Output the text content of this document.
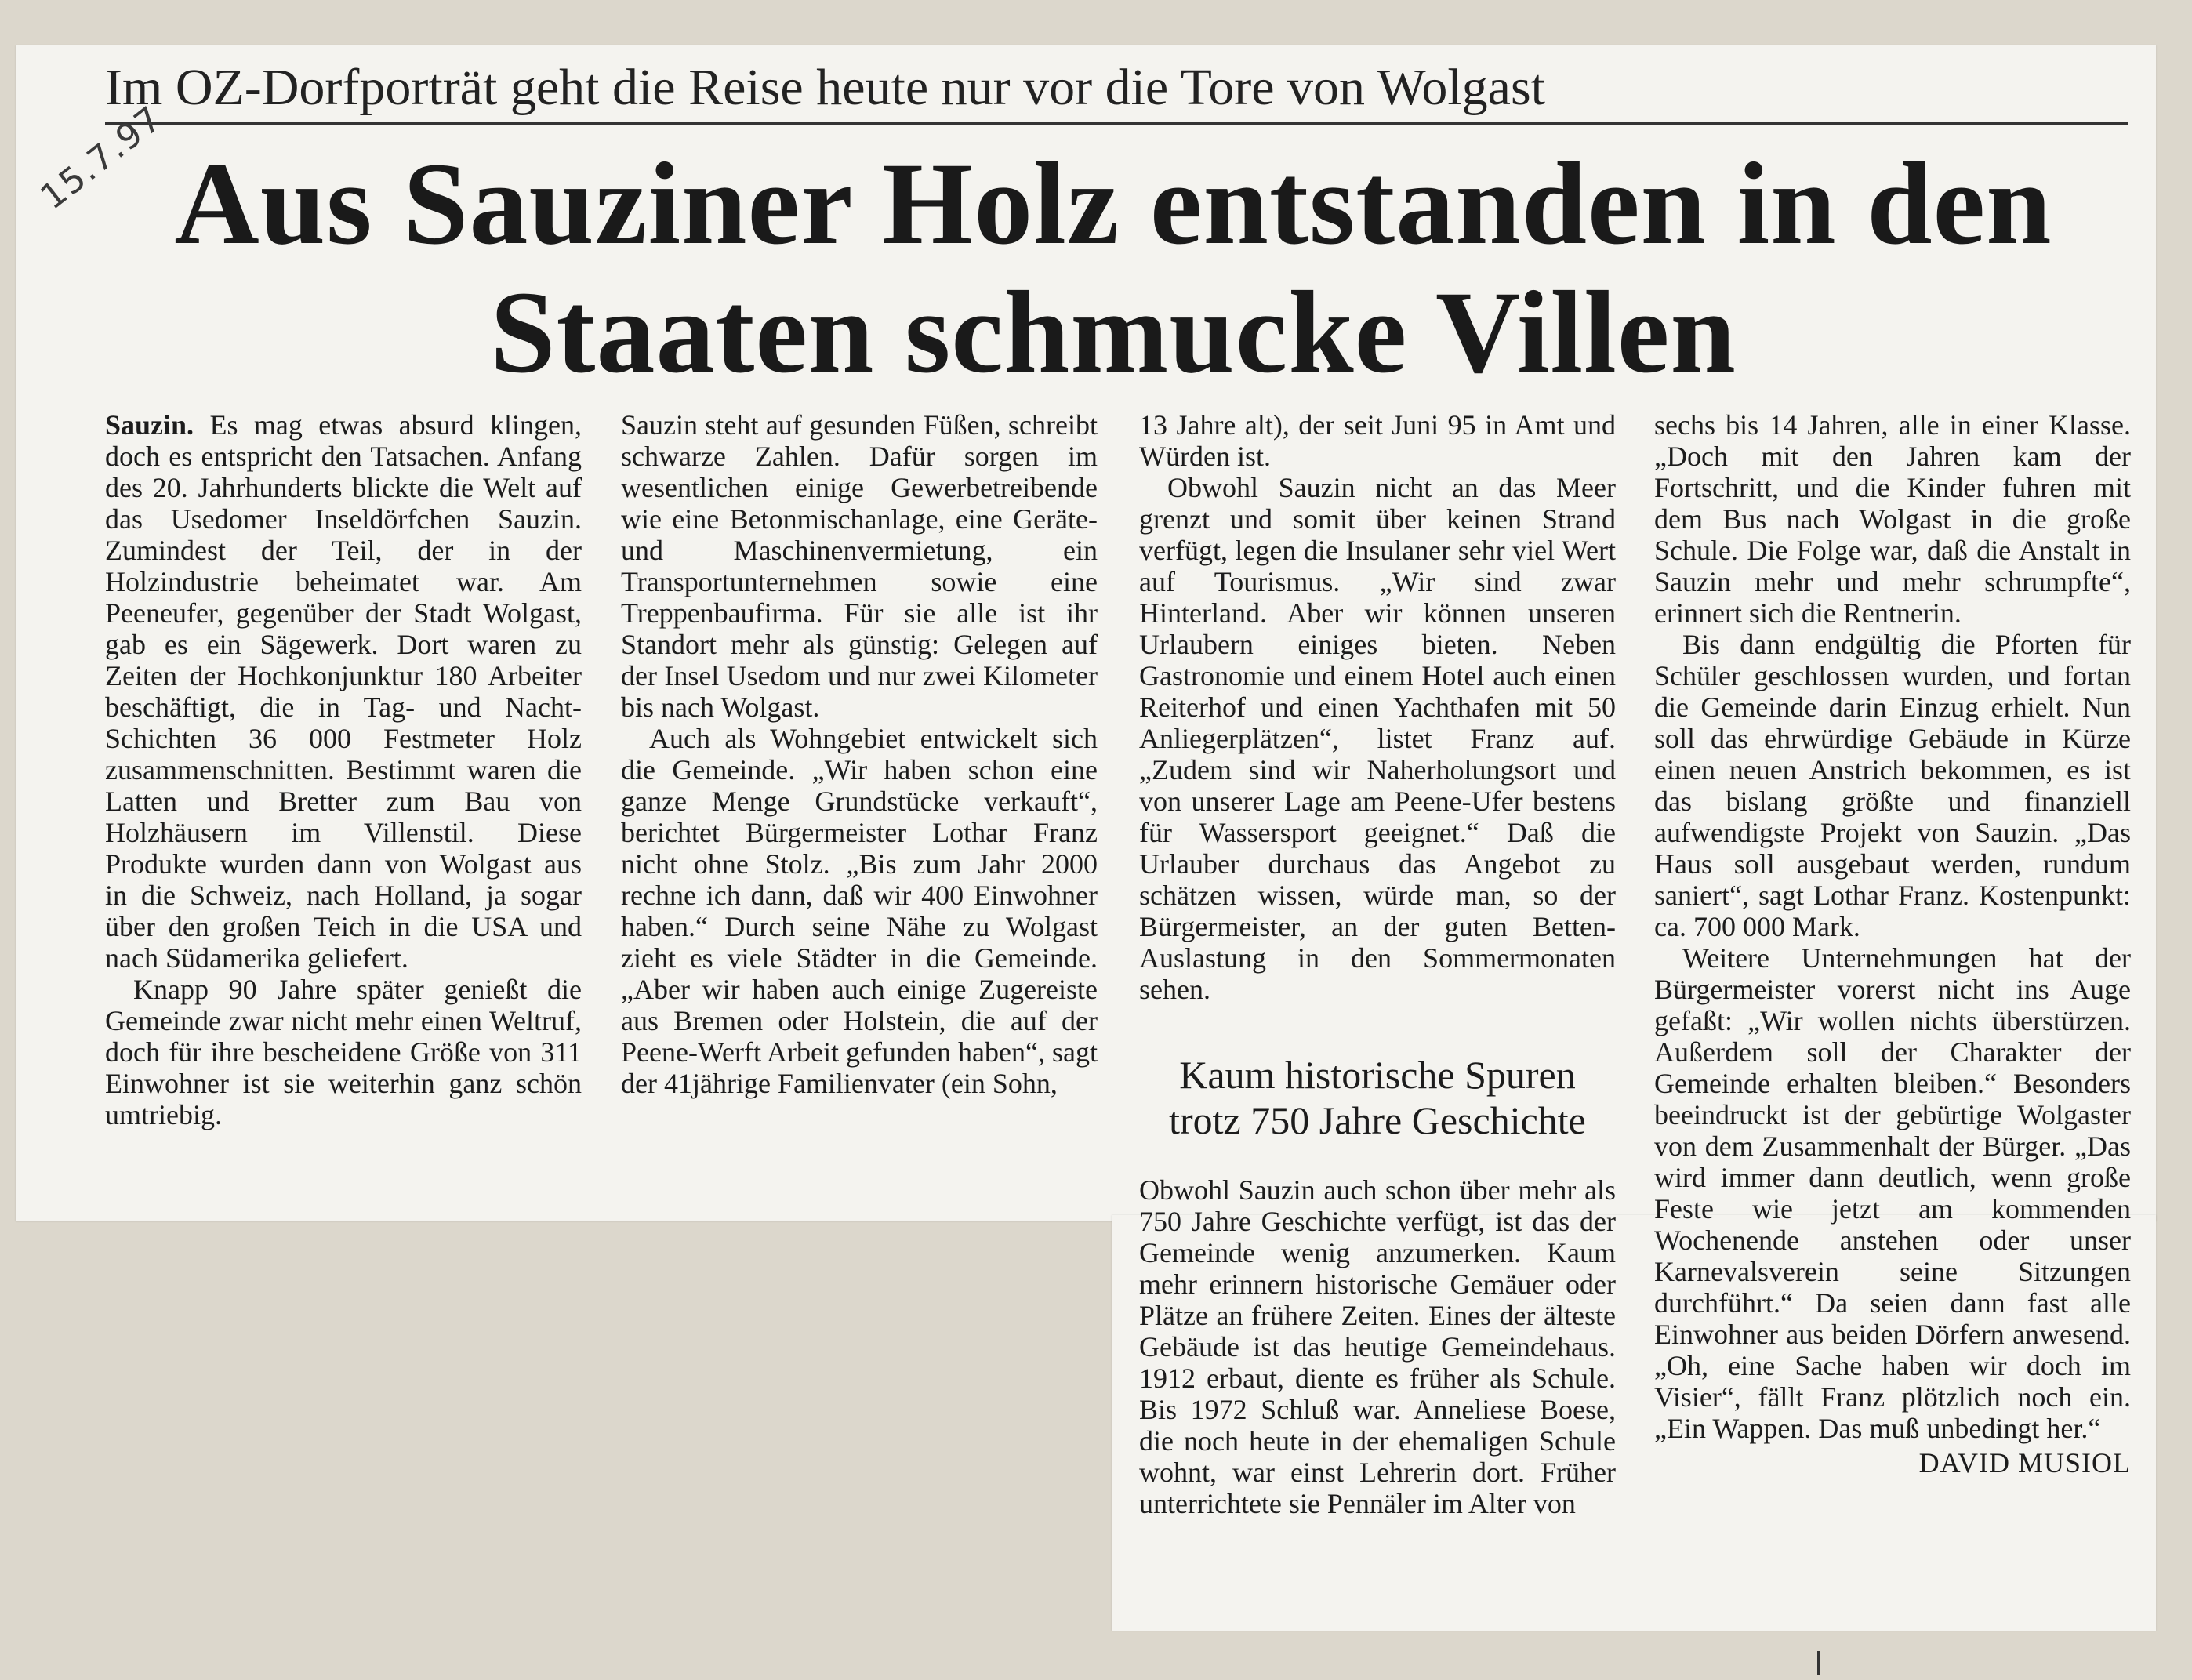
Im OZ-Dorfporträt geht die Reise heute nur vor die Tore von Wolgast
15.7.97 Aus Sauziner Holz entstanden in den Staaten schmucke Villen

Sauzin. Es mag etwas absurd klingen, doch es entspricht den Tatsachen. Anfang des 20. Jahrhunderts blickte die Welt auf das Usedomer Inseldörfchen Sauzin. Zumindest der Teil, der in der Holzindustrie beheimatet war. Am Peeneufer, gegenüber der Stadt Wolgast, gab es ein Sägewerk. Dort waren zu Zeiten der Hochkonjunktur 180 Arbeiter beschäftigt, die in Tag- und Nacht-Schichten 36 000 Festmeter Holz zusammenschnitten. Bestimmt waren die Latten und Bretter zum Bau von Holzhäusern im Villenstil. Diese Produkte wurden dann von Wolgast aus in die Schweiz, nach Holland, ja sogar über den großen Teich in die USA und nach Südamerika geliefert.

Knapp 90 Jahre später genießt die Gemeinde zwar nicht mehr einen Weltruf, doch für ihre bescheidene Größe von 311 Einwohner ist sie weiterhin ganz schön umtriebig.

Sauzin steht auf gesunden Füßen, schreibt schwarze Zahlen. Dafür sorgen im wesentlichen einige Gewerbetreibende wie eine Betonmischanlage, eine Geräte- und Maschinenvermietung, ein Transportunternehmen sowie eine Treppenbaufirma. Für sie alle ist ihr Standort mehr als günstig: Gelegen auf der Insel Usedom und nur zwei Kilometer bis nach Wolgast.

Auch als Wohngebiet entwickelt sich die Gemeinde. „Wir haben schon eine ganze Menge Grundstücke verkauft“, berichtet Bürgermeister Lothar Franz nicht ohne Stolz. „Bis zum Jahr 2000 rechne ich dann, daß wir 400 Einwohner haben.“ Durch seine Nähe zu Wolgast zieht es viele Städter in die Gemeinde. „Aber wir haben auch einige Zugereiste aus Bremen oder Holstein, die auf der Peene-Werft Arbeit gefunden haben“, sagt der 41jährige Familienvater (ein Sohn,

13 Jahre alt), der seit Juni 95 in Amt und Würden ist.

Obwohl Sauzin nicht an das Meer grenzt und somit über keinen Strand verfügt, legen die Insulaner sehr viel Wert auf Tourismus. „Wir sind zwar Hinterland. Aber wir können unseren Urlaubern einiges bieten. Neben Gastronomie und einem Hotel auch einen Reiterhof und einen Yachthafen mit 50 Anliegerplätzen“, listet Franz auf. „Zudem sind wir Naherholungsort und von unserer Lage am Peene-Ufer bestens für Wassersport geeignet.“ Daß die Urlauber durchaus das Angebot zu schätzen wissen, würde man, so der Bürgermeister, an der guten Betten-Auslastung in den Sommermonaten sehen.

Kaum historische Spuren trotz 750 Jahre Geschichte

Obwohl Sauzin auch schon über mehr als 750 Jahre Geschichte verfügt, ist das der Gemeinde wenig anzumerken. Kaum mehr erinnern historische Gemäuer oder Plätze an frühere Zeiten. Eines der älteste Gebäude ist das heutige Gemeindehaus. 1912 erbaut, diente es früher als Schule. Bis 1972 Schluß war. Anneliese Boese, die noch heute in der ehemaligen Schule wohnt, war einst Lehrerin dort. Früher unterrichtete sie Pennäler im Alter von

sechs bis 14 Jahren, alle in einer Klasse. „Doch mit den Jahren kam der Fortschritt, und die Kinder fuhren mit dem Bus nach Wolgast in die große Schule. Die Folge war, daß die Anstalt in Sauzin mehr und mehr schrumpfte“, erinnert sich die Rentnerin.

Bis dann endgültig die Pforten für Schüler geschlossen wurden, und fortan die Gemeinde darin Einzug erhielt. Nun soll das ehrwürdige Gebäude in Kürze einen neuen Anstrich bekommen, es ist das bislang größte und finanziell aufwendigste Projekt von Sauzin. „Das Haus soll ausgebaut werden, rundum saniert“, sagt Lothar Franz. Kostenpunkt: ca. 700 000 Mark.

Weitere Unternehmungen hat der Bürgermeister vorerst nicht ins Auge gefaßt: „Wir wollen nichts überstürzen. Außerdem soll der Charakter der Gemeinde erhalten bleiben.“ Besonders beeindruckt ist der gebürtige Wolgaster von dem Zusammenhalt der Bürger. „Das wird immer dann deutlich, wenn große Feste wie jetzt am kommenden Wochenende anstehen oder unser Karnevalsverein seine Sitzungen durchführt.“ Da seien dann fast alle Einwohner aus beiden Dörfern anwesend. „Oh, eine Sache haben wir doch im Visier“, fällt Franz plötzlich noch ein. „Ein Wappen. Das muß unbedingt her.“

DAVID MUSIOL
